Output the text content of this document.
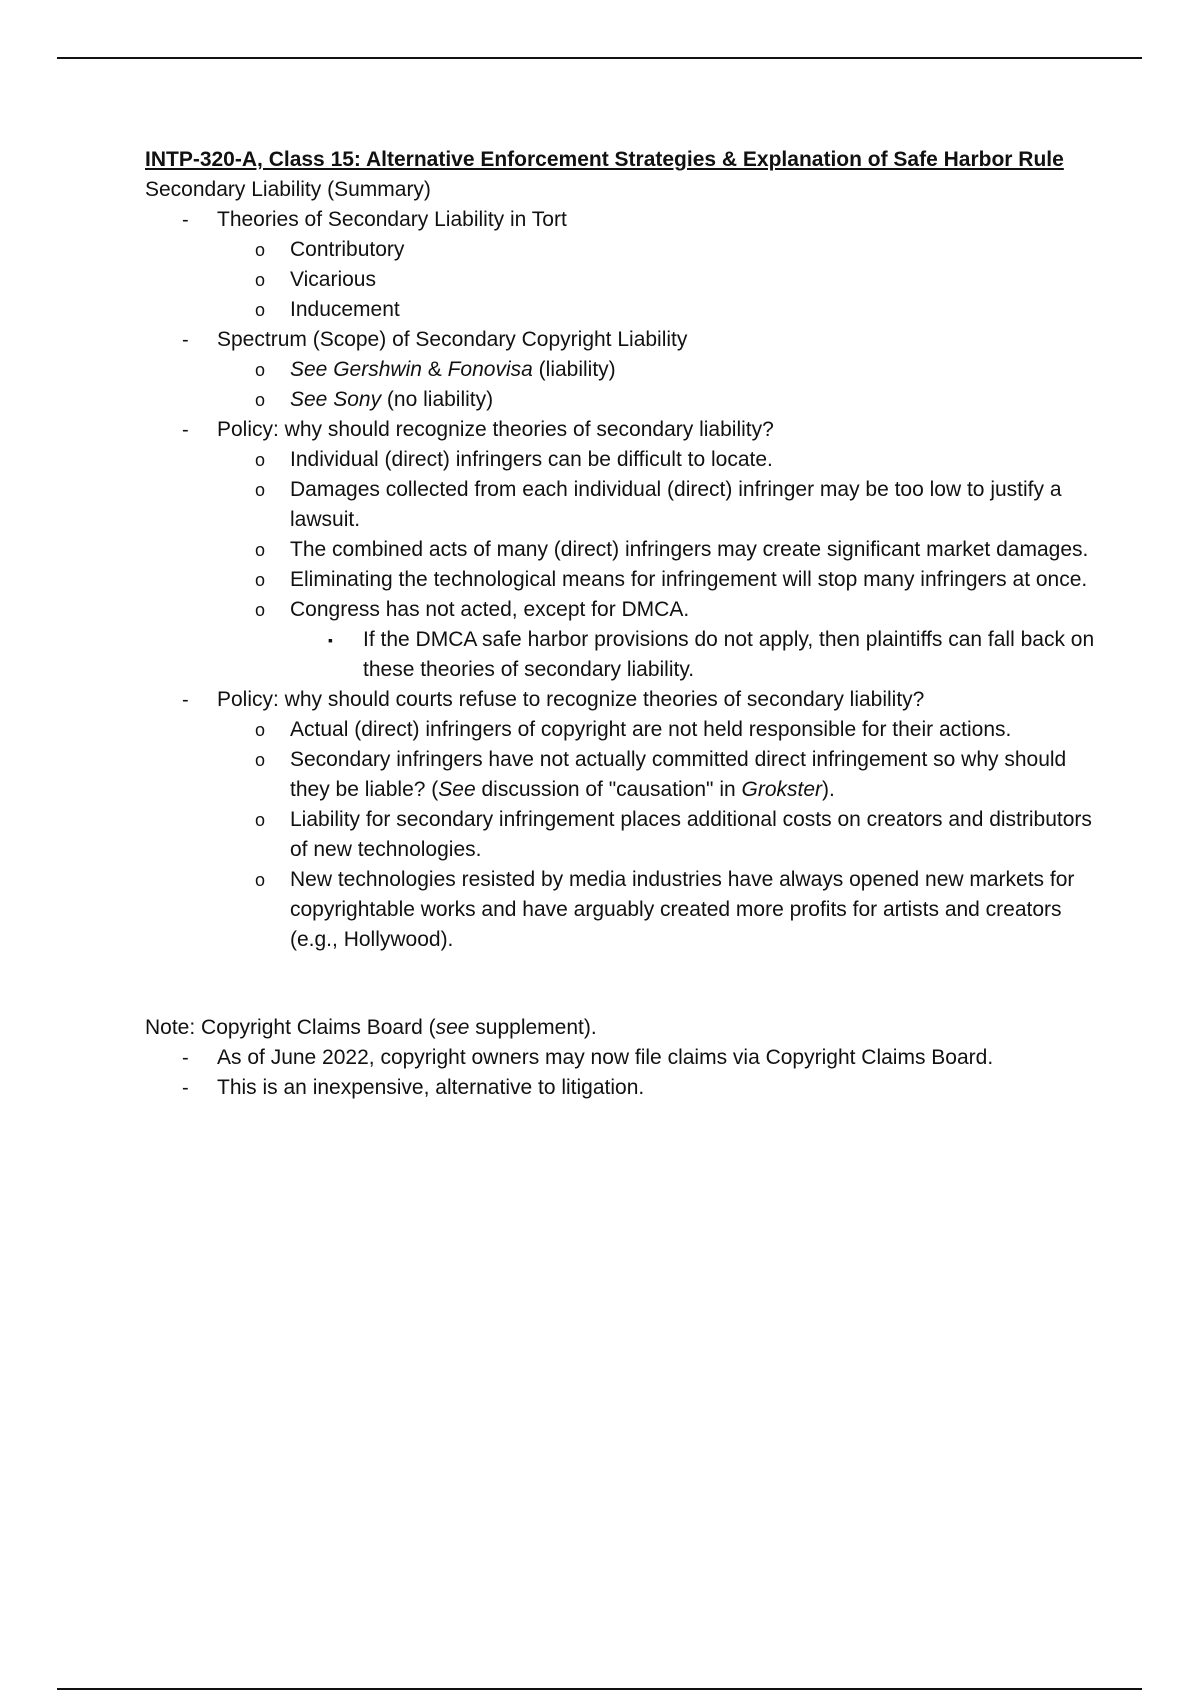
INTP-320-A, Class 15: Alternative Enforcement Strategies & Explanation of Safe Harbor Rule
Secondary Liability (Summary)
- Theories of Secondary Liability in Tort
o Contributory
o Vicarious
o Inducement
- Spectrum (Scope) of Secondary Copyright Liability
o See Gershwin & Fonovisa (liability)
o See Sony (no liability)
- Policy: why should recognize theories of secondary liability?
o Individual (direct) infringers can be difficult to locate.
o Damages collected from each individual (direct) infringer may be too low to justify a lawsuit.
o The combined acts of many (direct) infringers may create significant market damages.
o Eliminating the technological means for infringement will stop many infringers at once.
o Congress has not acted, except for DMCA.
▪ If the DMCA safe harbor provisions do not apply, then plaintiffs can fall back on these theories of secondary liability.
- Policy: why should courts refuse to recognize theories of secondary liability?
o Actual (direct) infringers of copyright are not held responsible for their actions.
o Secondary infringers have not actually committed direct infringement so why should they be liable? (See discussion of "causation" in Grokster).
o Liability for secondary infringement places additional costs on creators and distributors of new technologies.
o New technologies resisted by media industries have always opened new markets for copyrightable works and have arguably created more profits for artists and creators (e.g., Hollywood).
Note: Copyright Claims Board (see supplement).
- As of June 2022, copyright owners may now file claims via Copyright Claims Board.
- This is an inexpensive, alternative to litigation.
